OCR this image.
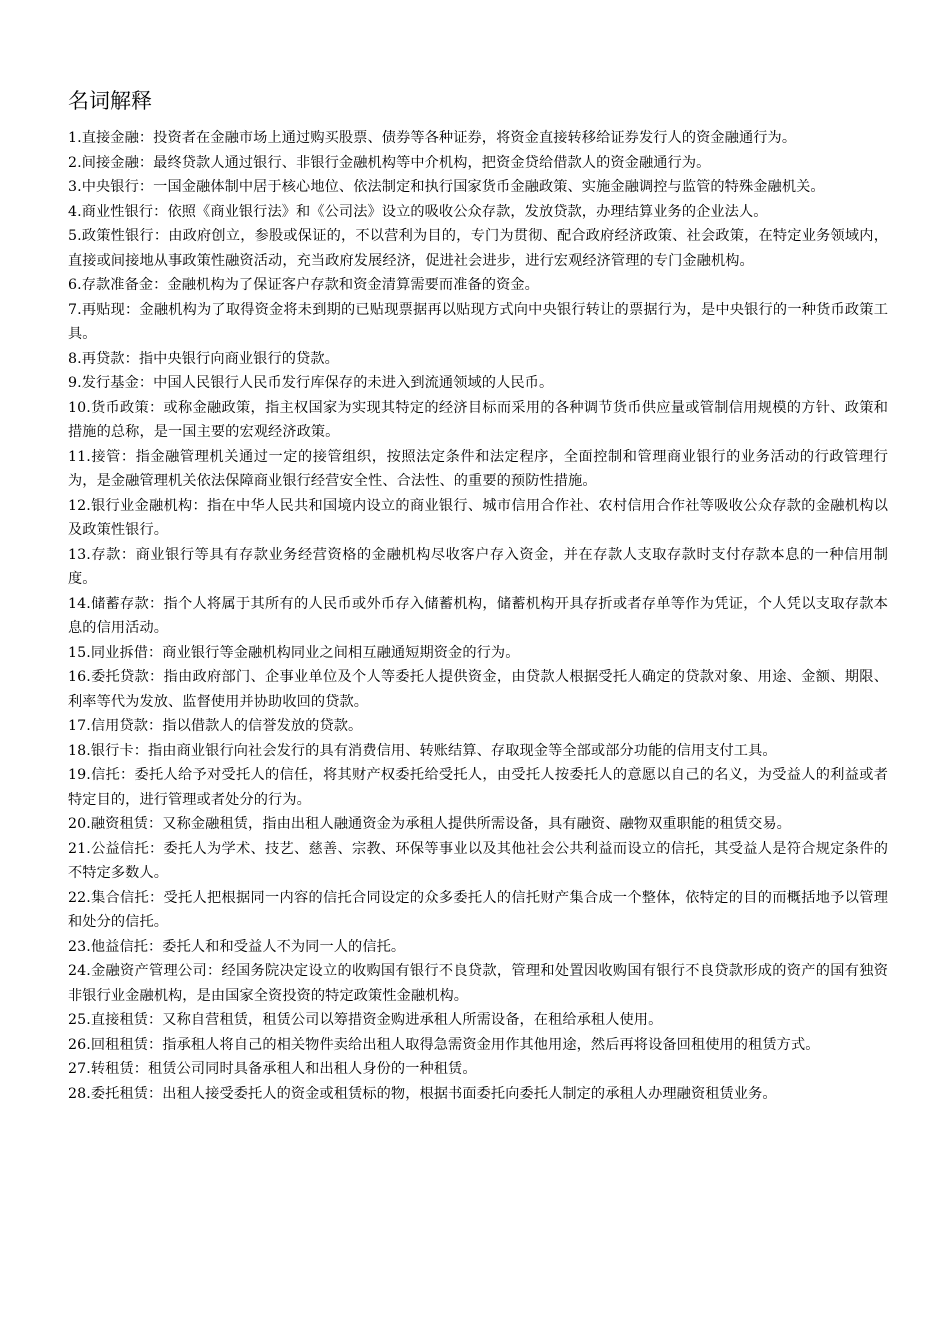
名词解释

1.直接金融：投资者在金融市场上通过购买股票、债券等各种证券，将资金直接转移给证券发行人的资金融通行为。

2.间接金融：最终贷款人通过银行、非银行金融机构等中介机构，把资金贷给借款人的资金融通行为。

3.中央银行：一国金融体制中居于核心地位、依法制定和执行国家货币金融政策、实施金融调控与监管的特殊金融机关。

4.商业性银行：依照《商业银行法》和《公司法》设立的吸收公众存款，发放贷款，办理结算业务的企业法人。

5.政策性银行：由政府创立，参股或保证的，不以营利为目的，专门为贯彻、配合政府经济政策、社会政策，在特定业务领域内，直接或间接地从事政策性融资活动，充当政府发展经济，促进社会进步，进行宏观经济管理的专门金融机构。

6.存款准备金：金融机构为了保证客户存款和资金清算需要而准备的资金。

7.再贴现：金融机构为了取得资金将未到期的已贴现票据再以贴现方式向中央银行转让的票据行为，是中央银行的一种货币政策工具。

8.再贷款：指中央银行向商业银行的贷款。

9.发行基金：中国人民银行人民币发行库保存的未进入到流通领域的人民币。

10.货币政策：或称金融政策，指主权国家为实现其特定的经济目标而采用的各种调节货币供应量或管制信用规模的方针、政策和措施的总称，是一国主要的宏观经济政策。

11.接管：指金融管理机关通过一定的接管组织，按照法定条件和法定程序，全面控制和管理商业银行的业务活动的行政管理行为，是金融管理机关依法保障商业银行经营安全性、合法性、的重要的预防性措施。

12.银行业金融机构：指在中华人民共和国境内设立的商业银行、城市信用合作社、农村信用合作社等吸收公众存款的金融机构以及政策性银行。

13.存款：商业银行等具有存款业务经营资格的金融机构尽收客户存入资金，并在存款人支取存款时支付存款本息的一种信用制度。

14.储蓄存款：指个人将属于其所有的人民币或外币存入储蓄机构，储蓄机构开具存折或者存单等作为凭证，个人凭以支取存款本息的信用活动。

15.同业拆借：商业银行等金融机构同业之间相互融通短期资金的行为。

16.委托贷款：指由政府部门、企事业单位及个人等委托人提供资金，由贷款人根据受托人确定的贷款对象、用途、金额、期限、利率等代为发放、监督使用并协助收回的贷款。

17.信用贷款：指以借款人的信誉发放的贷款。

18.银行卡：指由商业银行向社会发行的具有消费信用、转账结算、存取现金等全部或部分功能的信用支付工具。

19.信托：委托人给予对受托人的信任，将其财产权委托给受托人，由受托人按委托人的意愿以自己的名义，为受益人的利益或者特定目的，进行管理或者处分的行为。

20.融资租赁：又称金融租赁，指由出租人融通资金为承租人提供所需设备，具有融资、融物双重职能的租赁交易。

21.公益信托：委托人为学术、技艺、慈善、宗教、环保等事业以及其他社会公共利益而设立的信托，其受益人是符合规定条件的不特定多数人。

22.集合信托：受托人把根据同一内容的信托合同设定的众多委托人的信托财产集合成一个整体，依特定的目的而概括地予以管理和处分的信托。

23.他益信托：委托人和和受益人不为同一人的信托。

24.金融资产管理公司：经国务院决定设立的收购国有银行不良贷款，管理和处置因收购国有银行不良贷款形成的资产的国有独资非银行业金融机构，是由国家全资投资的特定政策性金融机构。

25.直接租赁：又称自营租赁，租赁公司以筹措资金购进承租人所需设备，在租给承租人使用。

26.回租租赁：指承租人将自己的相关物件卖给出租人取得急需资金用作其他用途，然后再将设备回租使用的租赁方式。

27.转租赁：租赁公司同时具备承租人和出租人身份的一种租赁。

28.委托租赁：出租人接受委托人的资金或租赁标的物，根据书面委托向委托人制定的承租人办理融资租赁业务。
